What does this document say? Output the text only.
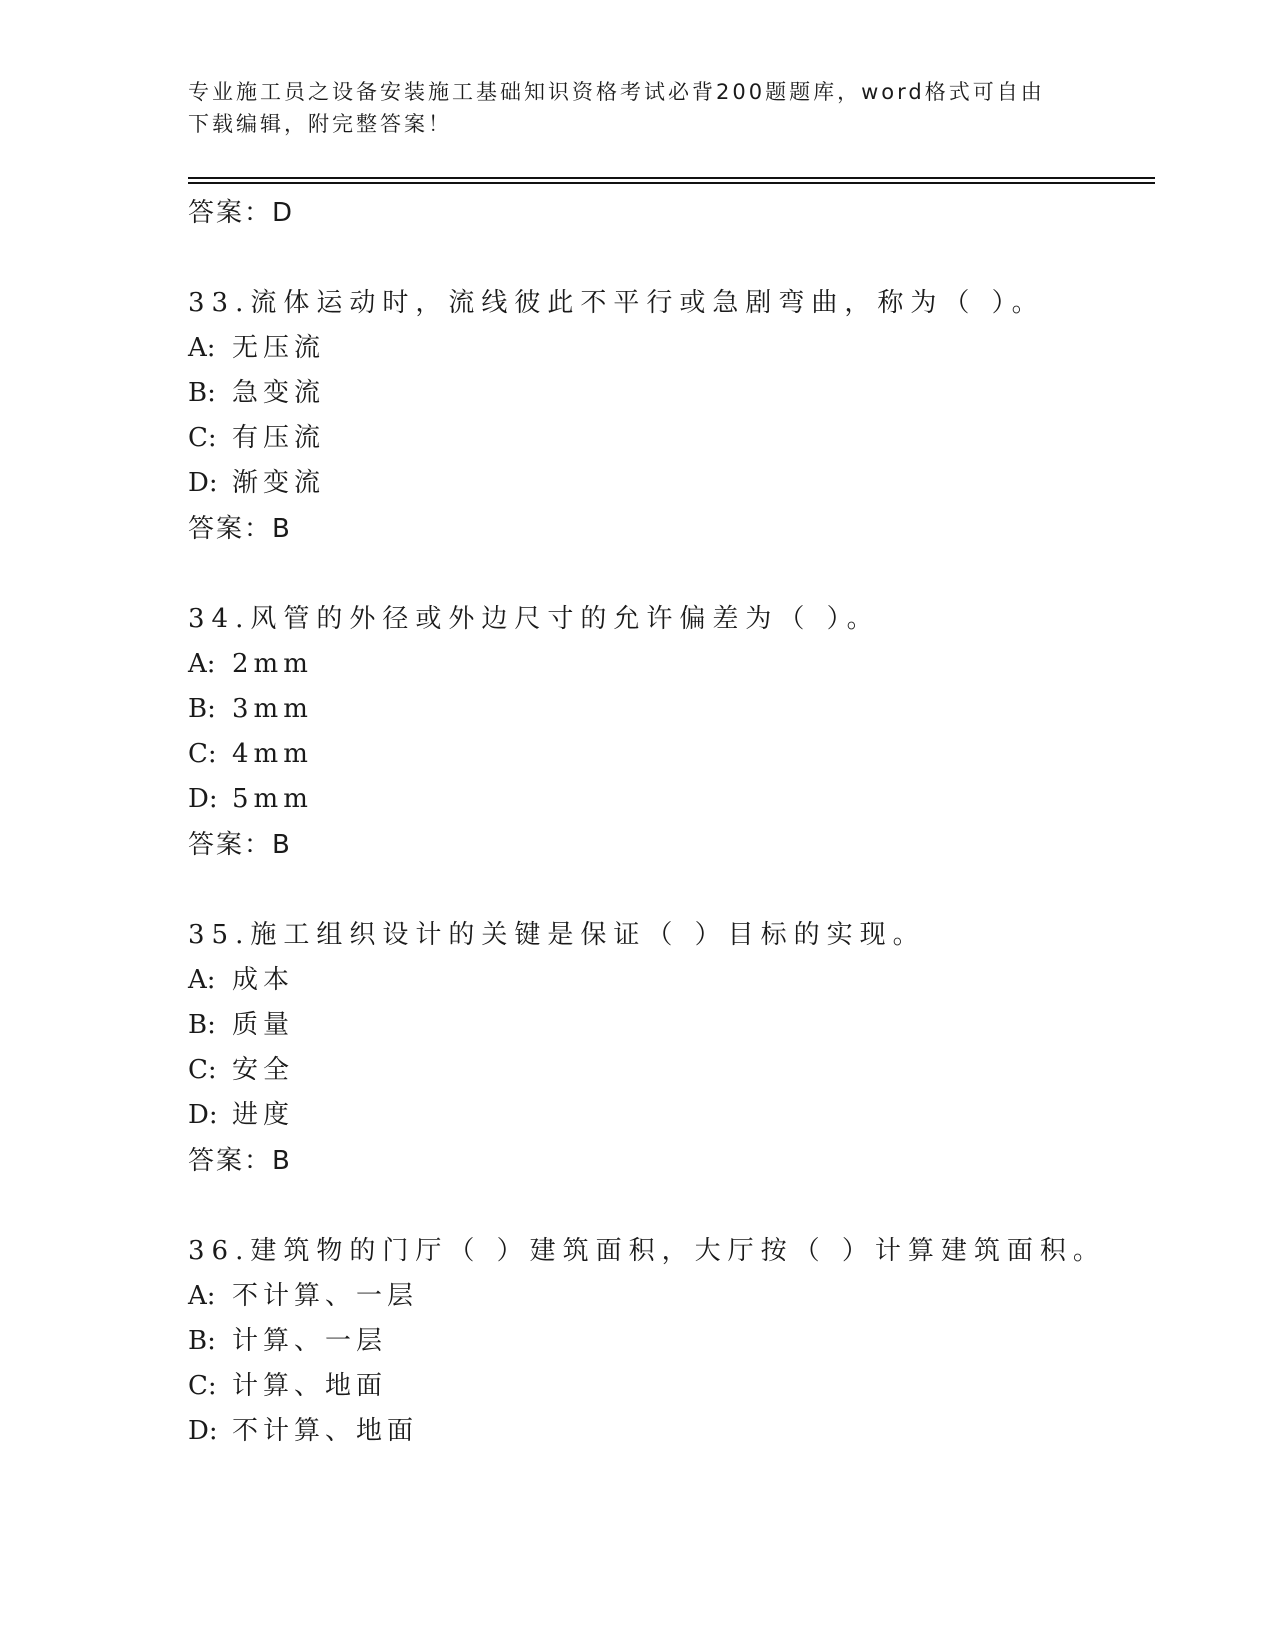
专业施工员之设备安装施工基础知识资格考试必背200题题库，word格式可自由
下载编辑，附完整答案！
答案：D
33.流体运动时，流线彼此不平行或急剧弯曲，称为（ ）。
A: 无压流
B: 急变流
C: 有压流
D: 渐变流
答案：B
34.风管的外径或外边尺寸的允许偏差为（ ）。
A: 2mm
B: 3mm
C: 4mm
D: 5mm
答案：B
35.施工组织设计的关键是保证（ ）目标的实现。
A: 成本
B: 质量
C: 安全
D: 进度
答案：B
36.建筑物的门厅（ ）建筑面积，大厅按（ ）计算建筑面积。
A: 不计算、一层
B: 计算、一层
C: 计算、地面
D: 不计算、地面
